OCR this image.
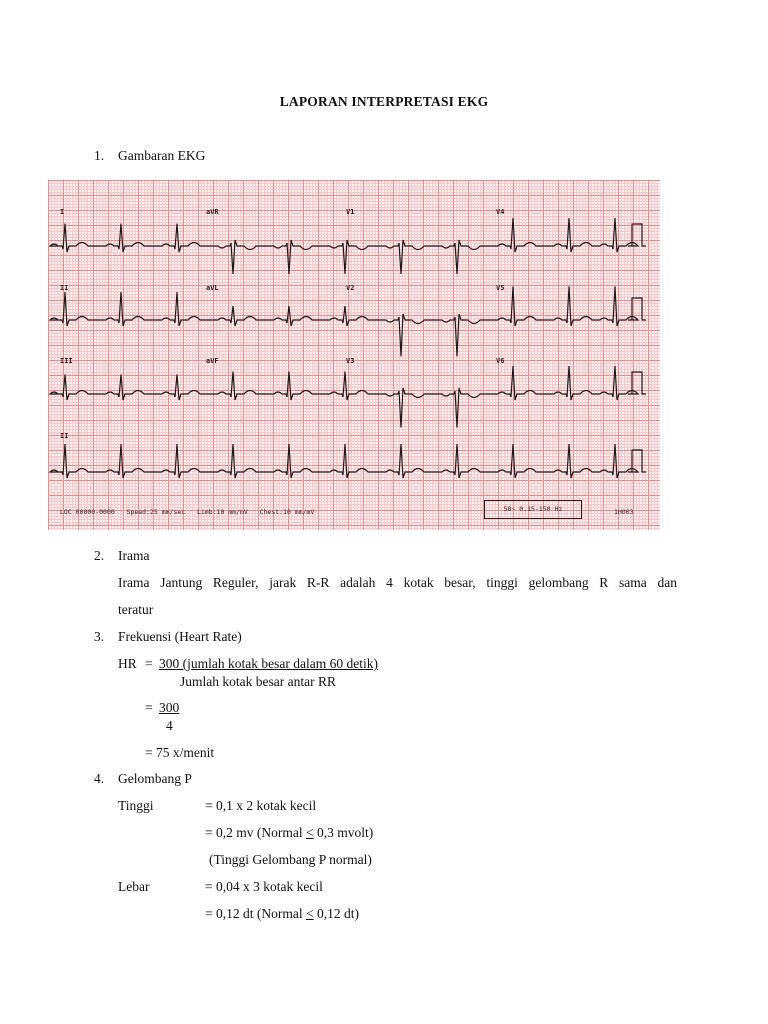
LAPORAN INTERPRETASI EKG
1. Gambaran EKG
I	aVR	V1	V4
II	aVL	V2	V5
III	aVF	V3	V6
II
LOC 00000-0000   Speed:25 mm/sec   Limb:10 mm/mV   Chest:10 mm/mV	50~ 0.15-150 Hz	1H003
2. Irama
Irama Jantung Reguler, jarak R-R adalah 4 kotak besar, tinggi gelombang R sama dan
teratur
3. Frekuensi (Heart Rate)
HR = 300 (jumlah kotak besar dalam 60 detik)
Jumlah kotak besar antar RR
= 300
4
= 75 x/menit
4. Gelombang P
Tinggi	= 0,1 x 2 kotak kecil
= 0,2 mv (Normal ≤ 0,3 mvolt)
(Tinggi Gelombang P normal)
Lebar	= 0,04 x 3 kotak kecil
= 0,12 dt (Normal ≤ 0,12 dt)
